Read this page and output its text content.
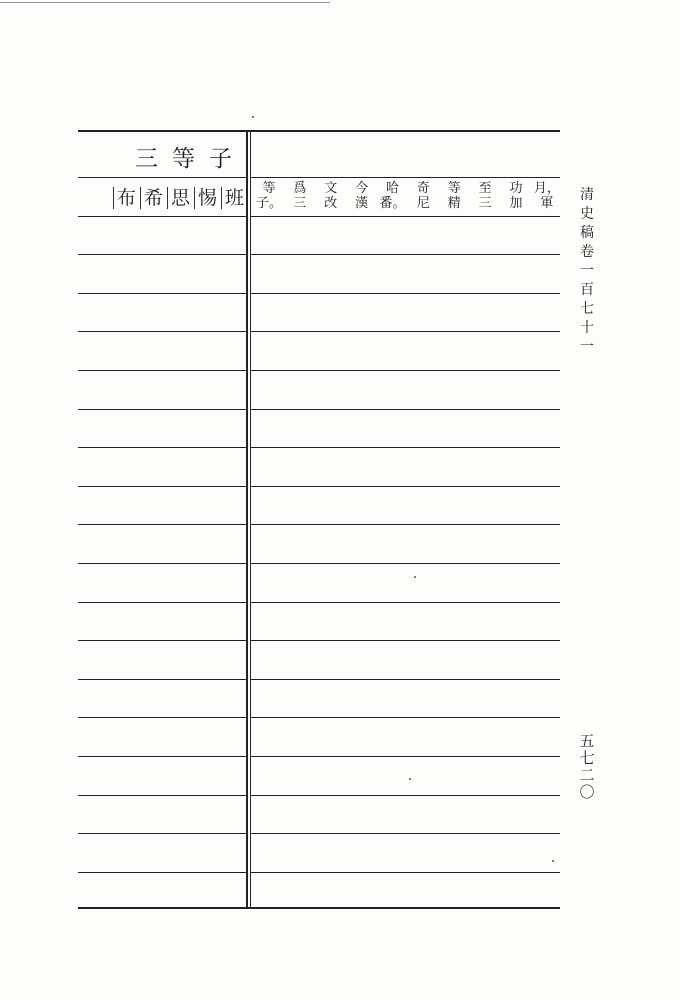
三等子
布 希 思 惕 班	月，
軍
功
加
至
三
等
精
奇
尼
哈
番。
今
漢
文
改
爲
三
等
子。
清
史
稿
卷
一
百
七
十
一
五
七
二
〇
